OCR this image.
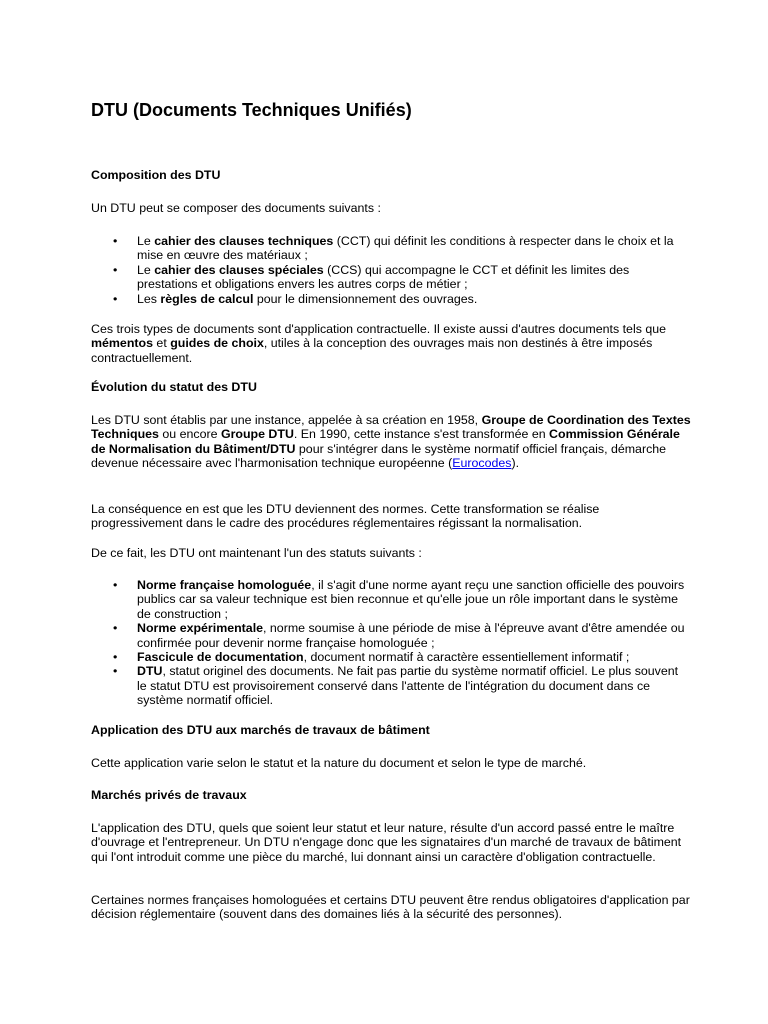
DTU (Documents Techniques Unifiés)
Composition des DTU

Un DTU peut se composer des documents suivants :

• Le cahier des clauses techniques (CCT) qui définit les conditions à respecter dans le choix et la mise en œuvre des matériaux ;
• Le cahier des clauses spéciales (CCS) qui accompagne le CCT et définit les limites des prestations et obligations envers les autres corps de métier ;
• Les règles de calcul pour le dimensionnement des ouvrages.

Ces trois types de documents sont d'application contractuelle. Il existe aussi d'autres documents tels que mémentos et guides de choix, utiles à la conception des ouvrages mais non destinés à être imposés contractuellement.

Évolution du statut des DTU

Les DTU sont établis par une instance, appelée à sa création en 1958, Groupe de Coordination des Textes Techniques ou encore Groupe DTU. En 1990, cette instance s'est transformée en Commission Générale de Normalisation du Bâtiment/DTU pour s'intégrer dans le système normatif officiel français, démarche devenue nécessaire avec l'harmonisation technique européenne (Eurocodes).

La conséquence en est que les DTU deviennent des normes. Cette transformation se réalise progressivement dans le cadre des procédures réglementaires régissant la normalisation.

De ce fait, les DTU ont maintenant l'un des statuts suivants :

• Norme française homologuée, il s'agit d'une norme ayant reçu une sanction officielle des pouvoirs publics car sa valeur technique est bien reconnue et qu'elle joue un rôle important dans le système de construction ;
• Norme expérimentale, norme soumise à une période de mise à l'épreuve avant d'être amendée ou confirmée pour devenir norme française homologuée ;
• Fascicule de documentation, document normatif à caractère essentiellement informatif ;
• DTU, statut originel des documents. Ne fait pas partie du système normatif officiel. Le plus souvent le statut DTU est provisoirement conservé dans l'attente de l'intégration du document dans ce système normatif officiel.
Application des DTU aux marchés de travaux de bâtiment

Cette application varie selon le statut et la nature du document et selon le type de marché.

Marchés privés de travaux

L'application des DTU, quels que soient leur statut et leur nature, résulte d'un accord passé entre le maître d'ouvrage et l'entrepreneur. Un DTU n'engage donc que les signataires d'un marché de travaux de bâtiment qui l'ont introduit comme une pièce du marché, lui donnant ainsi un caractère d'obligation contractuelle.

Certaines normes françaises homologuées et certains DTU peuvent être rendus obligatoires d'application par décision réglementaire (souvent dans des domaines liés à la sécurité des personnes).
